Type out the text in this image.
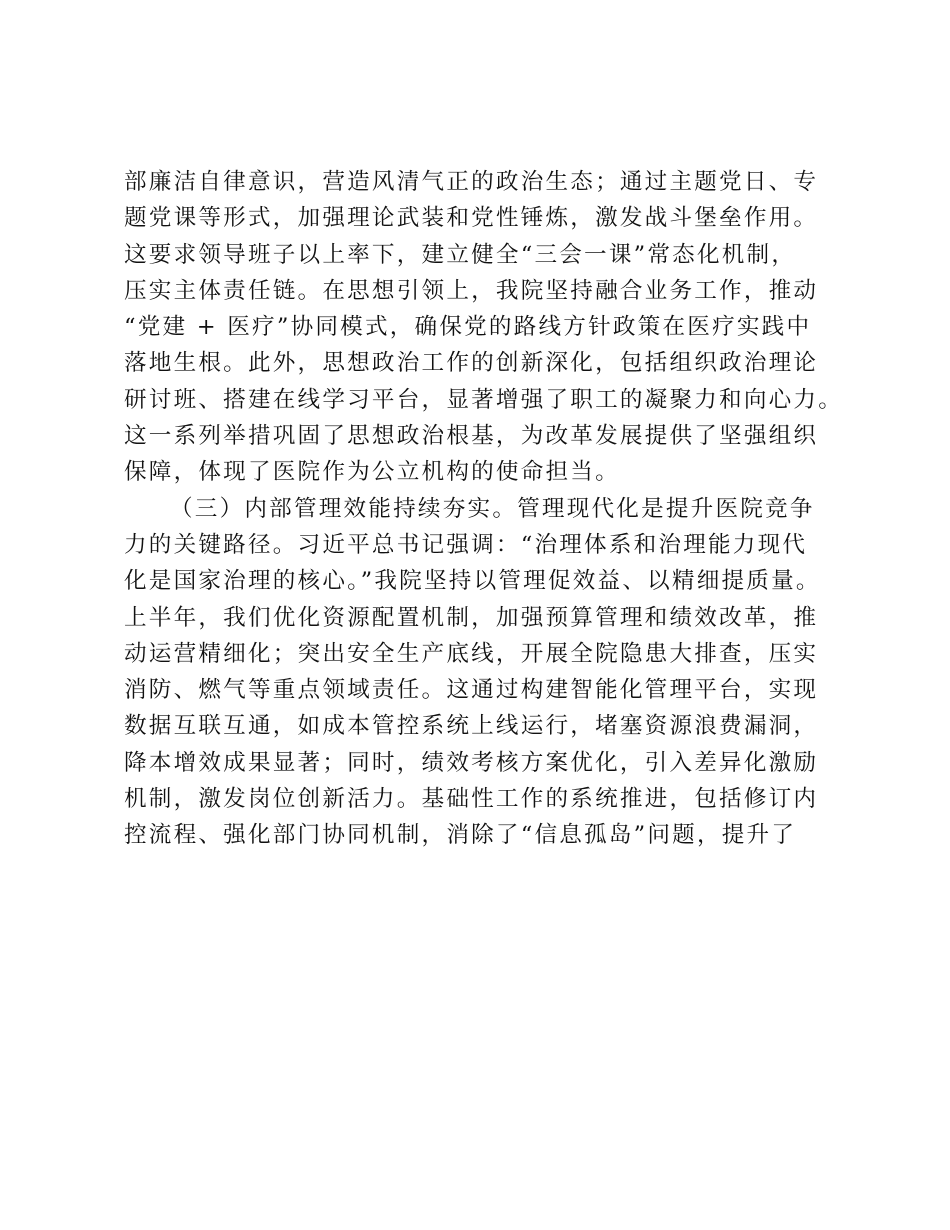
部廉洁自律意识，营造风清气正的政治生态；通过主题党日、专
题党课等形式，加强理论武装和党性锤炼，激发战斗堡垒作用。
这要求领导班子以上率下，建立健全“三会一课”常态化机制，
压实主体责任链。在思想引领上，我院坚持融合业务工作，推动
“党建 + 医疗”协同模式，确保党的路线方针政策在医疗实践中
落地生根。此外，思想政治工作的创新深化，包括组织政治理论
研讨班、搭建在线学习平台，显著增强了职工的凝聚力和向心力。
这一系列举措巩固了思想政治根基，为改革发展提供了坚强组织
保障，体现了医院作为公立机构的使命担当。
（三）内部管理效能持续夯实。管理现代化是提升医院竞争
力的关键路径。习近平总书记强调：“治理体系和治理能力现代
化是国家治理的核心。”我院坚持以管理促效益、以精细提质量。
上半年，我们优化资源配置机制，加强预算管理和绩效改革，推
动运营精细化；突出安全生产底线，开展全院隐患大排查，压实
消防、燃气等重点领域责任。这通过构建智能化管理平台，实现
数据互联互通，如成本管控系统上线运行，堵塞资源浪费漏洞，
降本增效成果显著；同时，绩效考核方案优化，引入差异化激励
机制，激发岗位创新活力。基础性工作的系统推进，包括修订内
控流程、强化部门协同机制，消除了“信息孤岛”问题，提升了
